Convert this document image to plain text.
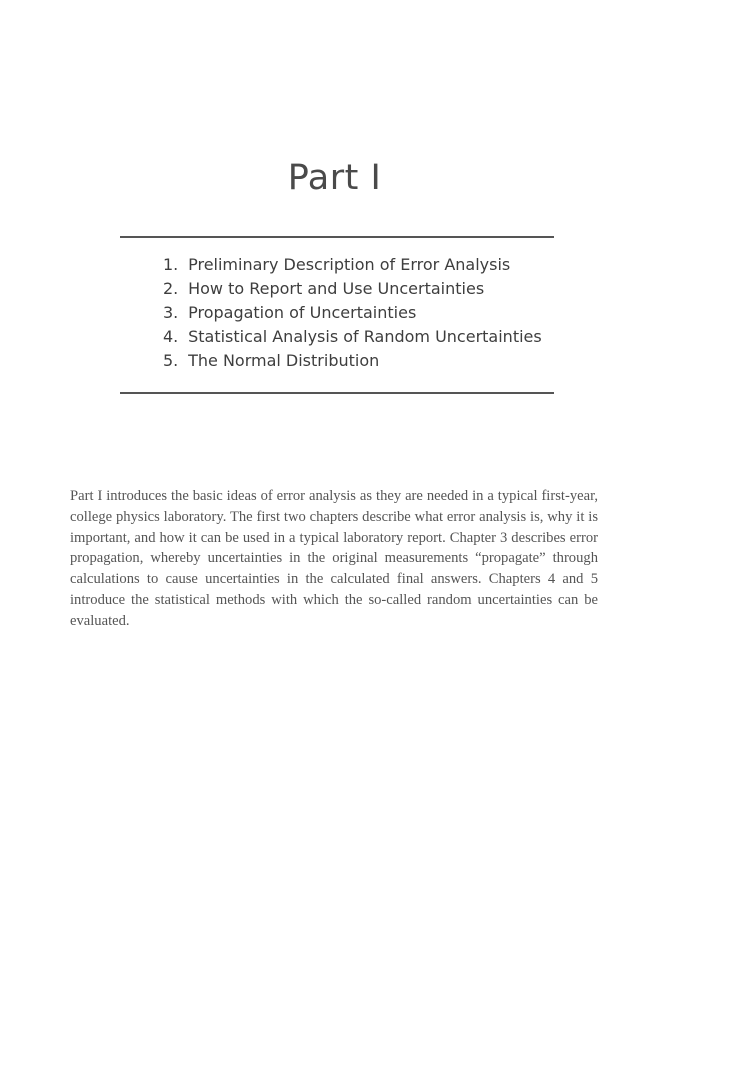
Part I
1. Preliminary Description of Error Analysis
2. How to Report and Use Uncertainties
3. Propagation of Uncertainties
4. Statistical Analysis of Random Uncertainties
5. The Normal Distribution

Part I introduces the basic ideas of error analysis as they are needed in a typical first-year, college physics laboratory. The first two chapters describe what error analysis is, why it is important, and how it can be used in a typical laboratory report. Chapter 3 describes error propagation, whereby uncertainties in the original measurements “propagate” through calculations to cause uncertainties in the calculated final answers. Chapters 4 and 5 introduce the statistical methods with which the so-called random uncertainties can be evaluated.
